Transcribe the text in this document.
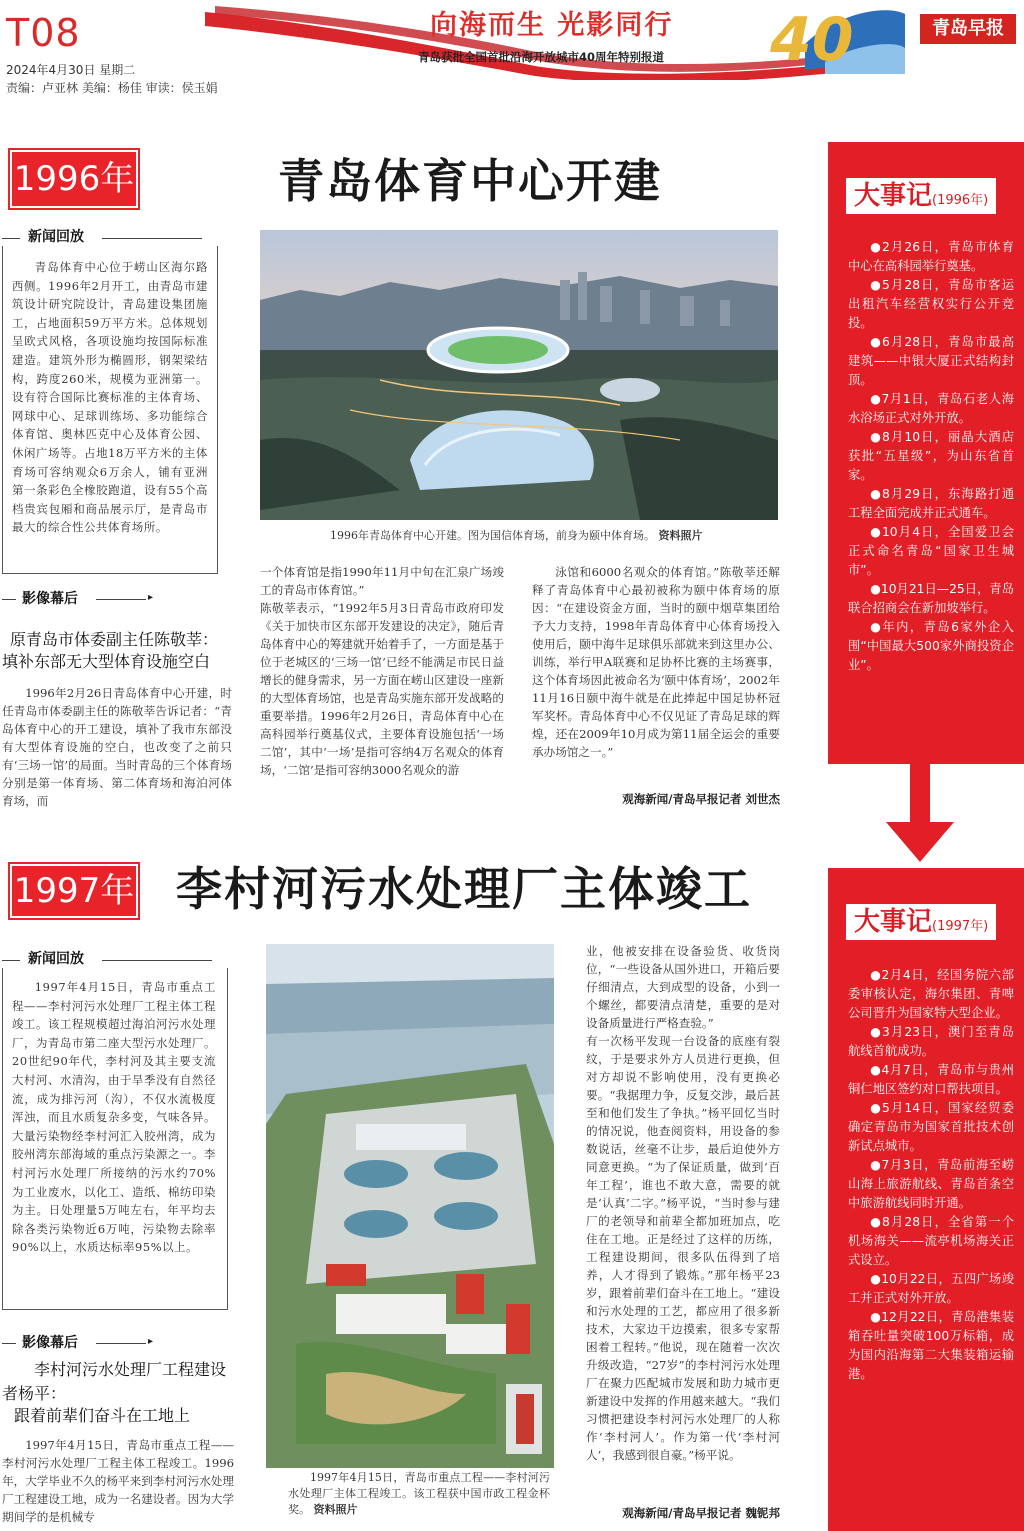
T08
2024年4月30日 星期二
责编：卢亚林 美编：杨佳 审读：侯玉娟
向海而生 光影同行
青岛获批全国首批沿海开放城市40周年特别报道 40	青岛早报
1996年	青岛体育中心开建
新闻回放
青岛体育中心位于崂山区海尔路西侧。1996年2月开工，由青岛市建筑设计研究院设计，青岛建设集团施工，占地面积59万平方米。总体规划呈欧式风格，各项设施均按国际标准建造。建筑外形为椭圆形，钢架梁结构，跨度260米，规模为亚洲第一。设有符合国际比赛标准的主体育场、网球中心、足球训练场、多功能综合体育馆、奥林匹克中心及体育公园、休闲广场等。占地18万平方米的主体育场可容纳观众6万余人，铺有亚洲第一条彩色全橡胶跑道，设有55个高档贵宾包厢和商品展示厅，是青岛市最大的综合性公共体育场所。
影像幕后	▸
原青岛市体委副主任陈敬莘：
填补东部无大型体育设施空白
1996年2月26日青岛体育中心开建，时任青岛市体委副主任的陈敬莘告诉记者：“青岛体育中心的开工建设，填补了我市东部没有大型体育设施的空白，也改变了之前只有‘三场一馆’的局面。当时青岛的三个体育场分别是第一体育场、第二体育场和海泊河体育场，而
1996年青岛体育中心开建。图为国信体育场，前身为颐中体育场。 资料照片
一个体育馆是指1990年11月中旬在汇泉广场竣工的青岛市体育馆。”
陈敬莘表示，“1992年5月3日青岛市政府印发《关于加快市区东部开发建设的决定》，随后青岛体育中心的筹建就开始着手了，一方面是基于位于老城区的‘三场一馆’已经不能满足市民日益增长的健身需求，另一方面在崂山区建设一座新的大型体育场馆，也是青岛实施东部开发战略的重要举措。1996年2月26日，青岛体育中心在高科园举行奠基仪式，主要体育设施包括‘一场二馆’，其中‘一场’是指可容纳4万名观众的体育场，‘二馆’是指可容纳3000名观众的游
泳馆和6000名观众的体育馆。”陈敬莘还解释了青岛体育中心最初被称为颐中体育场的原因：“在建设资金方面，当时的颐中烟草集团给予大力支持，1998年青岛体育中心体育场投入使用后，颐中海牛足球俱乐部就来到这里办公、训练，举行甲A联赛和足协杯比赛的主场赛事，这个体育场因此被命名为‘颐中体育场’，2002年11月16日颐中海牛就是在此捧起中国足协杯冠军奖杯。青岛体育中心不仅见证了青岛足球的辉煌，还在2009年10月成为第11届全运会的重要承办场馆之一。”
观海新闻/青岛早报记者 刘世杰
1997年 李村河污水处理厂主体竣工
新闻回放
1997年4月15日，青岛市重点工程——李村河污水处理厂工程主体工程竣工。该工程规模超过海泊河污水处理厂，为青岛市第二座大型污水处理厂。20世纪90年代，李村河及其主要支流大村河、水清沟，由于旱季没有自然径流，成为排污河（沟），不仅水流极度浑浊，而且水质复杂多变，气味各异。大量污染物经李村河汇入胶州湾，成为胶州湾东部海域的重点污染源之一。李村河污水处理厂所接纳的污水约70%为工业废水，以化工、造纸、棉纺印染为主。日处理量5万吨左右，年平均去除各类污染物近6万吨，污染物去除率90%以上，水质达标率95%以上。
影像幕后	▸
李村河污水处理厂工程建设者杨平：
跟着前辈们奋斗在工地上
1997年4月15日，青岛市重点工程——李村河污水处理厂工程主体工程竣工。1996年，大学毕业不久的杨平来到李村河污水处理厂工程建设工地，成为一名建设者。因为大学期间学的是机械专
1997年4月15日，青岛市重点工程——李村河污水处理厂主体工程竣工。该工程获中国市政工程金杯奖。 资料照片
业，他被安排在设备验货、收货岗位，“一些设备从国外进口，开箱后要仔细清点，大到成型的设备，小到一个螺丝，都要清点清楚，重要的是对设备质量进行严格查验。”
有一次杨平发现一台设备的底座有裂纹，于是要求外方人员进行更换，但对方却说不影响使用，没有更换必要。“我据理力争，反复交涉，最后甚至和他们发生了争执。”杨平回忆当时的情况说，他查阅资料，用设备的参数说话，丝毫不让步，最后迫使外方同意更换。“为了保证质量，做到‘百年工程’，谁也不敢大意，需要的就是‘认真’二字。”杨平说，“当时参与建厂的老领导和前辈全都加班加点，吃住在工地。正是经过了这样的历练，工程建设期间，很多队伍得到了培养，人才得到了锻炼。”那年杨平23岁，跟着前辈们奋斗在工地上。“建设和污水处理的工艺，都应用了很多新技术，大家边干边摸索，很多专家帮困着工程转。”他说，现在随着一次次升级改造，“27岁”的李村河污水处理厂在聚力匹配城市发展和助力城市更新建设中发挥的作用越来越大。“我们习惯把建设李村河污水处理厂的人称作‘李村河人’。作为第一代‘李村河人’，我感到很自豪。”杨平说。
观海新闻/青岛早报记者 魏铌邦
大事记(1996年)
●2月26日，青岛市体育中心在高科园举行奠基。
●5月28日，青岛市客运出租汽车经营权实行公开竞投。
●6月28日，青岛市最高建筑——中银大厦正式结构封顶。
●7月1日，青岛石老人海水浴场正式对外开放。
●8月10日，丽晶大酒店获批“五星级”，为山东省首家。
●8月29日，东海路打通工程全面完成并正式通车。
●10月4日，全国爱卫会正式命名青岛“国家卫生城市”。
●10月21日—25日，青岛联合招商会在新加坡举行。
●年内，青岛6家外企入围“中国最大500家外商投资企业”。
大事记(1997年)
●2月4日，经国务院六部委审核认定，海尔集团、青啤公司晋升为国家特大型企业。
●3月23日，澳门至青岛航线首航成功。
●4月7日，青岛市与贵州铜仁地区签约对口帮扶项目。
●5月14日，国家经贸委确定青岛市为国家首批技术创新试点城市。
●7月3日，青岛前海至崂山海上旅游航线、青岛首条空中旅游航线同时开通。
●8月28日，全省第一个机场海关——流亭机场海关正式设立。
●10月22日，五四广场竣工并正式对外开放。
●12月22日，青岛港集装箱吞吐量突破100万标箱，成为国内沿海第二大集装箱运输港。
